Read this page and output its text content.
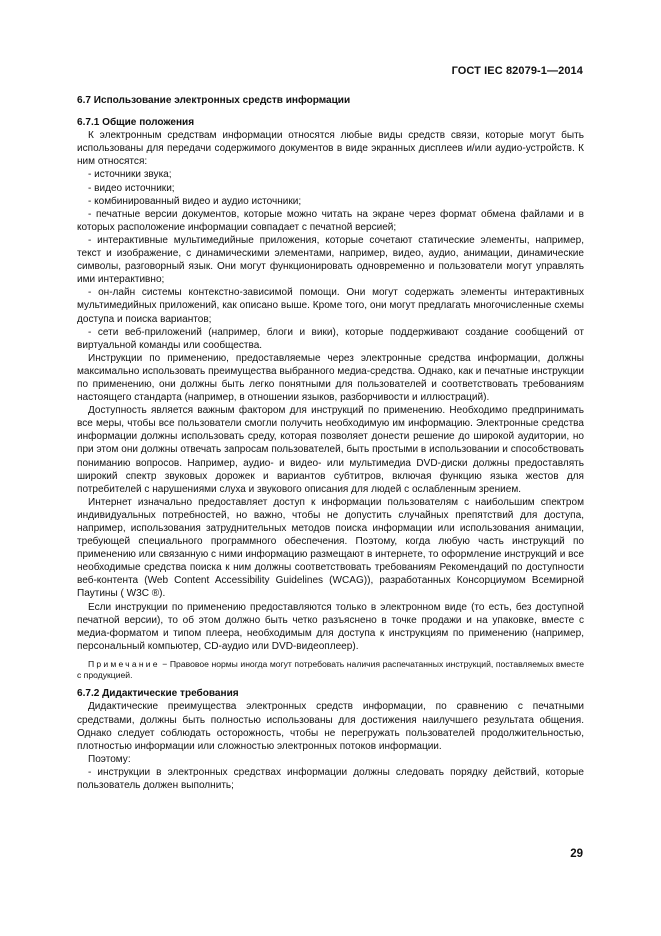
ГОСТ IEC 82079-1—2014

6.7 Использование электронных средств информации

6.7.1 Общие положения

К электронным средствам информации относятся любые виды средств связи, которые могут быть использованы для передачи содержимого документов в виде экранных дисплеев и/или аудио-устройств. К ним относятся:

- источники звука;

- видео источники;

- комбинированный видео и аудио источники;

- печатные версии документов, которые можно читать на экране через формат обмена файлами и в которых расположение информации совпадает с печатной версией;

- интерактивные мультимедийные приложения, которые сочетают статические элементы, например, текст и изображение, с динамическими элементами, например, видео, аудио, анимации, динамические символы, разговорный язык. Они могут функционировать одновременно и пользователи могут управлять ими интерактивно;

- он-лайн системы контекстно-зависимой помощи. Они могут содержать элементы интерактивных мультимедийных приложений, как описано выше. Кроме того, они могут предлагать многочисленные схемы доступа и поиска вариантов;

- сети веб-приложений (например, блоги и вики), которые поддерживают создание сообщений от виртуальной команды или сообщества.

Инструкции по применению, предоставляемые через электронные средства информации, должны максимально использовать преимущества выбранного медиа-средства. Однако, как и печатные инструкции по применению, они должны быть легко понятными для пользователей и соответствовать требованиям настоящего стандарта (например, в отношении языков, разборчивости и иллюстраций).

Доступность является важным фактором для инструкций по применению. Необходимо предпринимать все меры, чтобы все пользователи смогли получить необходимую им информацию. Электронные средства информации должны использовать среду, которая позволяет донести решение до широкой аудитории, но при этом они должны отвечать запросам пользователей, быть простыми в использовании и способствовать пониманию вопросов. Например, аудио- и видео- или мультимедиа DVD-диски должны предоставлять широкий спектр звуковых дорожек и вариантов субтитров, включая функцию языка жестов для потребителей с нарушениями слуха и звукового описания для людей с ослабленным зрением.

Интернет изначально предоставляет доступ к информации пользователям с наибольшим спектром индивидуальных потребностей, но важно, чтобы не допустить случайных препятствий для доступа, например, использования затруднительных методов поиска информации или использования анимации, требующей специального программного обеспечения. Поэтому, когда любую часть инструкций по применению или связанную с ними информацию размещают в интернете, то оформление инструкций и все необходимые средства поиска к ним должны соответствовать требованиям Рекомендаций по доступности веб-контента (Web Content Accessibility Guidelines (WCAG)), разработанных Консорциумом Всемирной Паутины ( W3C ®).

Если инструкции по применению предоставляются только в электронном виде (то есть, без доступной печатной версии), то об этом должно быть четко разъяснено в точке продажи и на упаковке, вместе с медиа-форматом и типом плеера, необходимым для доступа к инструкциям по применению (например, персональный компьютер, CD-аудио или DVD-видеоплеер).

Примечание − Правовое нормы иногда могут потребовать наличия распечатанных инструкций, поставляемых вместе с продукцией.

6.7.2 Дидактические требования

Дидактические преимущества электронных средств информации, по сравнению с печатными средствами, должны быть полностью использованы для достижения наилучшего результата общения. Однако следует соблюдать осторожность, чтобы не перегружать пользователей продолжительностью, плотностью информации или сложностью электронных потоков информации.

Поэтому:

- инструкции в электронных средствах информации должны следовать порядку действий, которые пользователь должен выполнить;

29
